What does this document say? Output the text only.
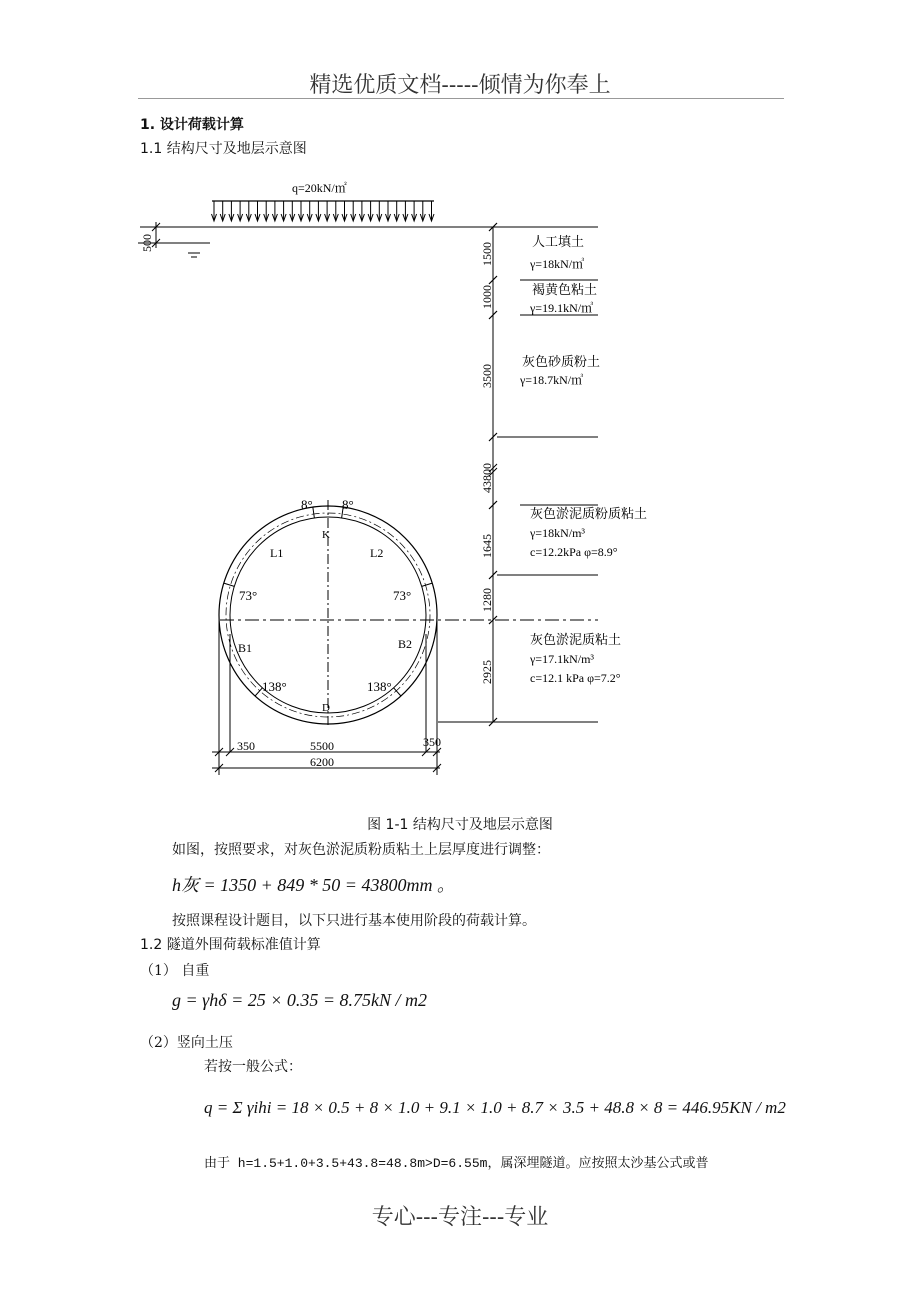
精选优质文档-----倾情为你奉上
1. 设计荷载计算
1.1 结构尺寸及地层示意图
q=20kN/㎡
500	1500
1000
3500
43800
1645
1280
2925
人工填土
γ=18kN/㎥
褐黄色粘土
γ=19.1kN/㎥
灰色砂质粉土
γ=18.7kN/㎥
灰色淤泥质粉质粘土
γ=18kN/m³
c=12.2kPa φ=8.9°
灰色淤泥质粘土
γ=17.1kN/m³
c=12.1 kPa φ=7.2°
8° 8°
K
L1	L2
73°	73°
B1	B2
138°	138°
D
350	5500	350
6200
图 1-1 结构尺寸及地层示意图
如图，按照要求，对灰色淤泥质粉质粘土上层厚度进行调整：
h灰 = 1350 + 849 * 50 = 43800mm 。
按照课程设计题目，以下只进行基本使用阶段的荷载计算。
1.2 隧道外围荷载标准值计算
（1） 自重
g = γhδ = 25 × 0.35 = 8.75kN / m2
（2）竖向土压
若按一般公式：
q = Σ γihi = 18 × 0.5 + 8 × 1.0 + 9.1 × 1.0 + 8.7 × 3.5 + 48.8 × 8 = 446.95KN / m2
由于 h=1.5+1.0+3.5+43.8=48.8m>D=6.55m，属深埋隧道。应按照太沙基公式或普
专心---专注---专业
